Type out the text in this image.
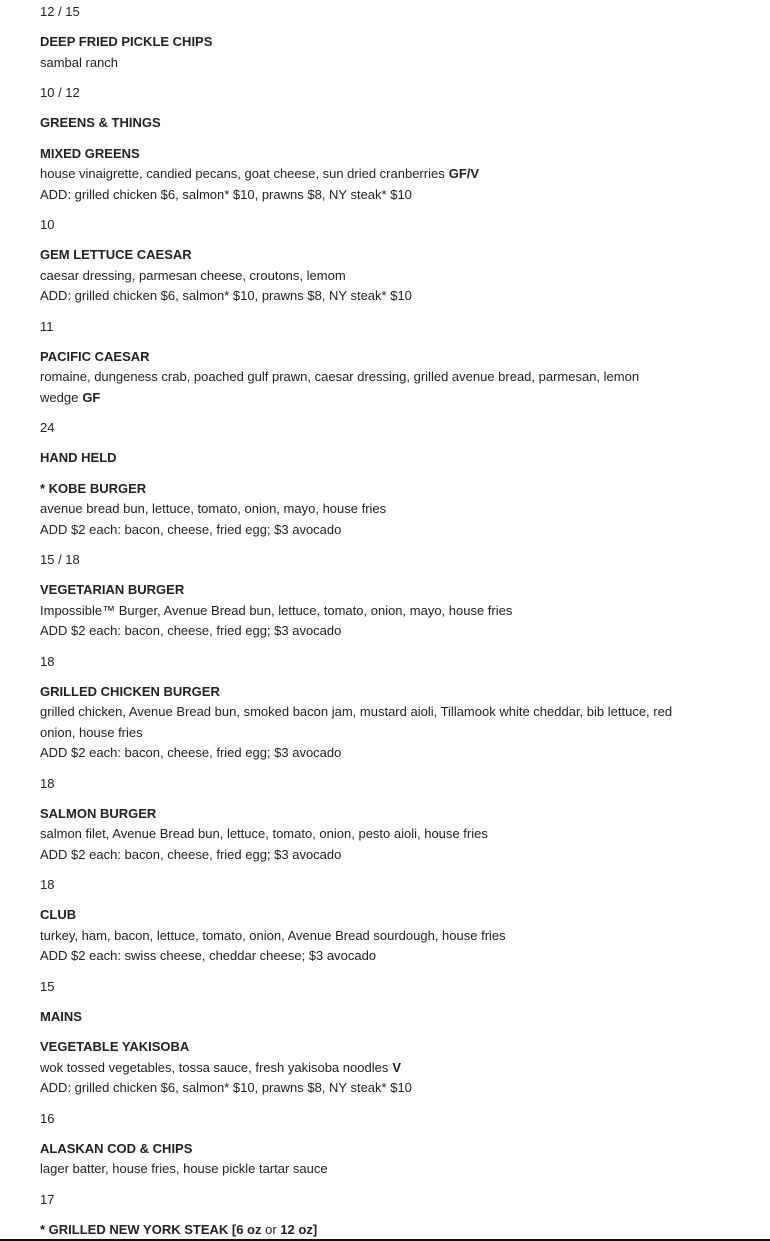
12 / 15

DEEP FRIED PICKLE CHIPS

sambal ranch

10 / 12

GREENS & THINGS

MIXED GREENS

house vinaigrette, candied pecans, goat cheese, sun dried cranberries GF/V

ADD: grilled chicken $6, salmon* $10, prawns $8, NY steak* $10

10

GEM LETTUCE CAESAR

caesar dressing, parmesan cheese, croutons, lemom

ADD: grilled chicken $6, salmon* $10, prawns $8, NY steak* $10

11

PACIFIC CAESAR

romaine, dungeness crab, poached gulf prawn, caesar dressing, grilled avenue bread, parmesan, lemon

wedge GF

24

HAND HELD

* KOBE BURGER

avenue bread bun, lettuce, tomato, onion, mayo, house fries

ADD $2 each: bacon, cheese, fried egg; $3 avocado

15 / 18

VEGETARIAN BURGER

Impossible™ Burger, Avenue Bread bun, lettuce, tomato, onion, mayo, house fries

ADD $2 each: bacon, cheese, fried egg; $3 avocado

18

GRILLED CHICKEN BURGER

grilled chicken, Avenue Bread bun, smoked bacon jam, mustard aioli, Tillamook white cheddar, bib lettuce, red

onion, house fries

ADD $2 each: bacon, cheese, fried egg; $3 avocado

18

SALMON BURGER

salmon filet, Avenue Bread bun, lettuce, tomato, onion, pesto aioli, house fries

ADD $2 each: bacon, cheese, fried egg; $3 avocado

18

CLUB

turkey, ham, bacon, lettuce, tomato, onion, Avenue Bread sourdough, house fries

ADD $2 each: swiss cheese, cheddar cheese; $3 avocado

15

MAINS

VEGETABLE YAKISOBA

wok tossed vegetables, tossa sauce, fresh yakisoba noodles V

ADD: grilled chicken $6, salmon* $10, prawns $8, NY steak* $10

16

ALASKAN COD & CHIPS

lager batter, house fries, house pickle tartar sauce

17

* GRILLED NEW YORK STEAK [6 oz or 12 oz]
